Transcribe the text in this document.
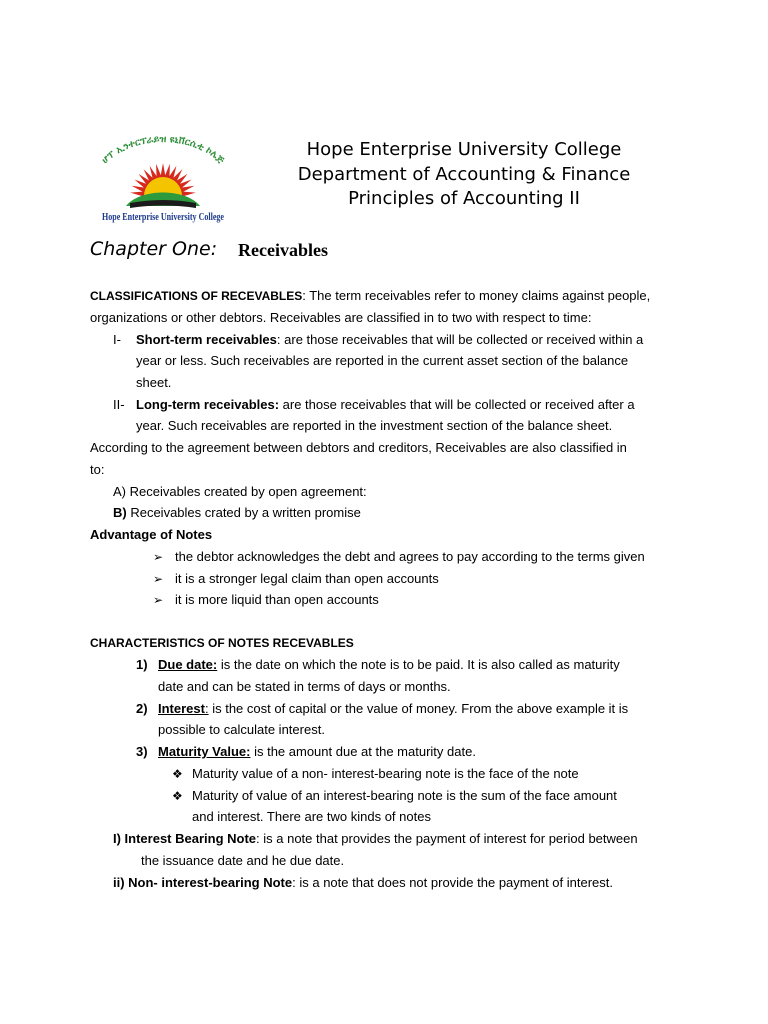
ሆፕ ኢንተርፕራይዝ ዩኒቨርሲቲ ኮሌጅ
Hope Enterprise University College
Hope Enterprise University College
Department of Accounting & Finance
Principles of Accounting II
Chapter One: Receivables
CLASSIFICATIONS OF RECEVABLES: The term receivables refer to money claims against people,
organizations or other debtors. Receivables are classified in to two with respect to time:
I- Short-term receivables: are those receivables that will be collected or received within a
year or less. Such receivables are reported in the current asset section of the balance
sheet.
II- Long-term receivables: are those receivables that will be collected or received after a
year. Such receivables are reported in the investment section of the balance sheet.
According to the agreement between debtors and creditors, Receivables are also classified in
to:
A) Receivables created by open agreement:
B) Receivables crated by a written promise
Advantage of Notes
➢
the debtor acknowledges the debt and agrees to pay according to the terms given
➢
it is a stronger legal claim than open accounts
➢
it is more liquid than open accounts
CHARACTERISTICS OF NOTES RECEVABLES
1) Due date: is the date on which the note is to be paid. It is also called as maturity
date and can be stated in terms of days or months.
2) Interest: is the cost of capital or the value of money. From the above example it is
possible to calculate interest.
3) Maturity Value: is the amount due at the maturity date.
❖
Maturity value of a non- interest-bearing note is the face of the note
❖
Maturity of value of an interest-bearing note is the sum of the face amount
and interest. There are two kinds of notes
I) Interest Bearing Note: is a note that provides the payment of interest for period between
the issuance date and he due date.
ii) Non- interest-bearing Note: is a note that does not provide the payment of interest.
